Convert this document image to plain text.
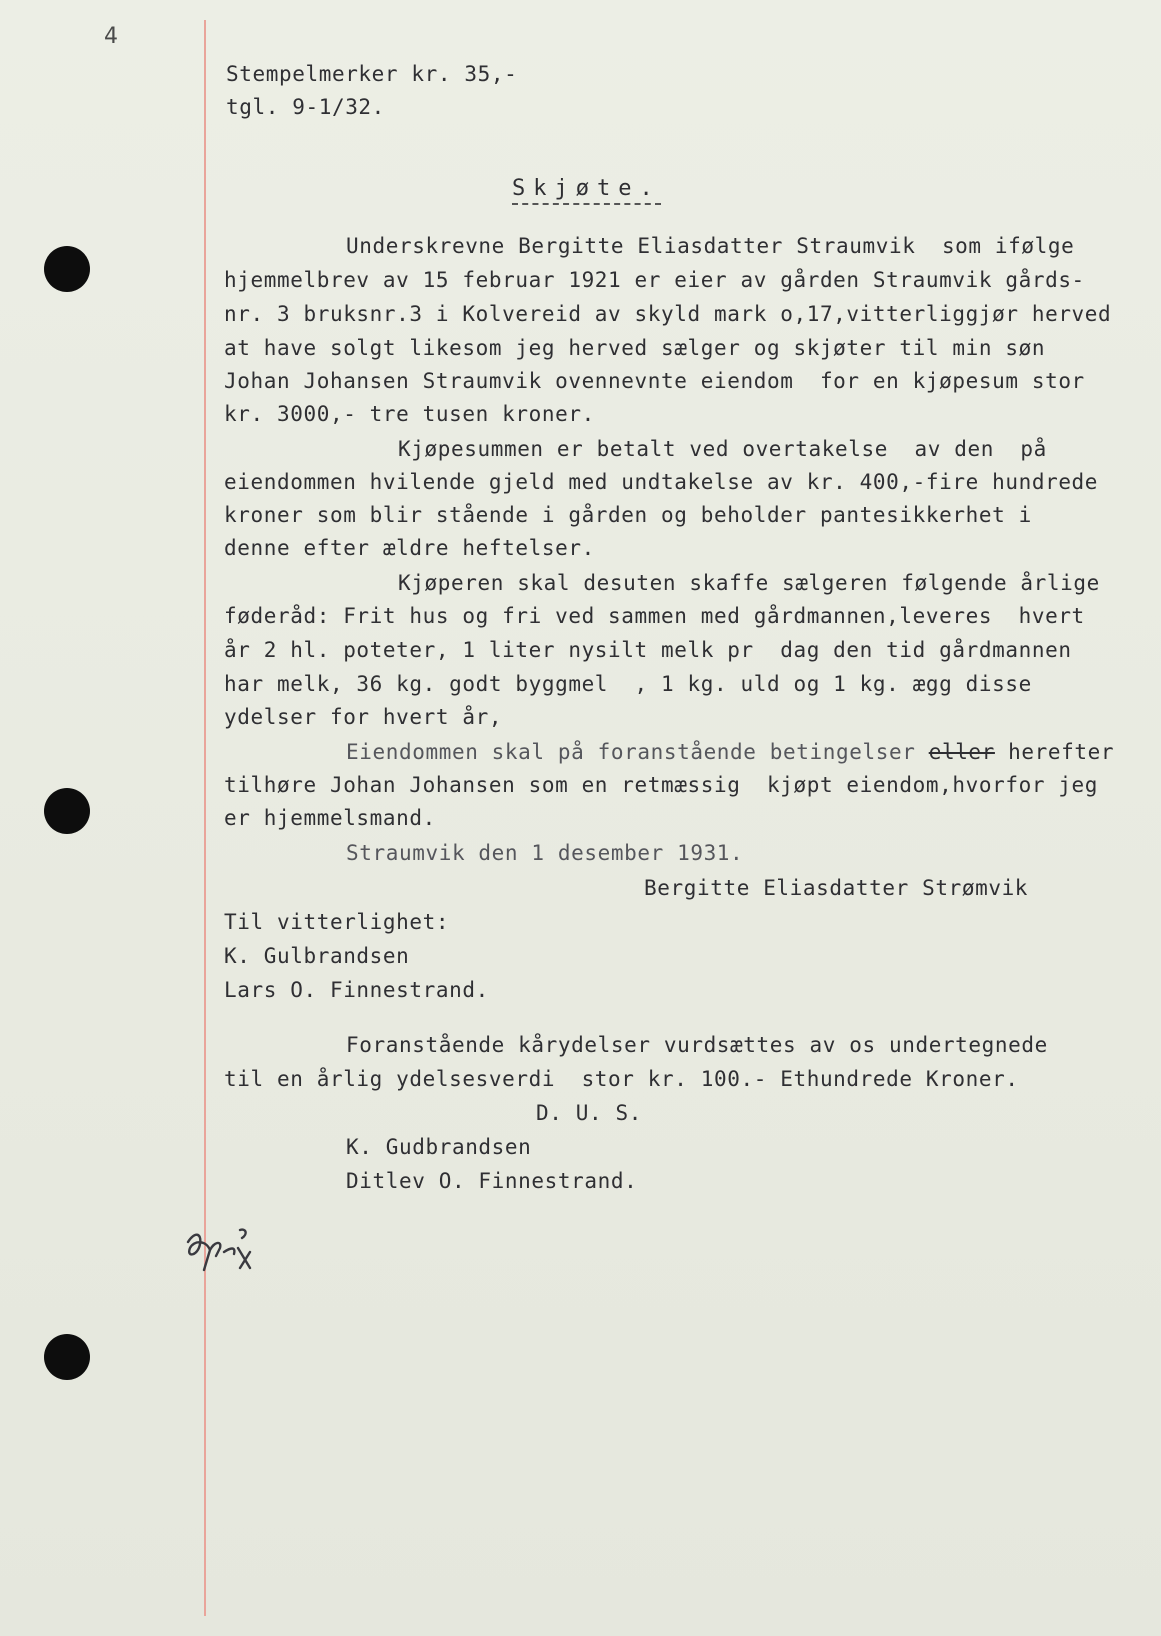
4
Stempelmerker kr. 35,-
tgl. 9-1/32.
Skjøte.
Underskrevne Bergitte Eliasdatter Straumvik  som ifølge
hjemmelbrev av 15 februar 1921 er eier av gården Straumvik gårds-
nr. 3 bruksnr.3 i Kolvereid av skyld mark o,17,vitterliggjør herved
at have solgt likesom jeg herved sælger og skjøter til min søn
Johan Johansen Straumvik ovennevnte eiendom  for en kjøpesum stor
kr. 3000,- tre tusen kroner.
Kjøpesummen er betalt ved overtakelse  av den  på
eiendommen hvilende gjeld med undtakelse av kr. 400,-fire hundrede
kroner som blir stående i gården og beholder pantesikkerhet i
denne efter ældre heftelser.
Kjøperen skal desuten skaffe sælgeren følgende årlige
føderåd: Frit hus og fri ved sammen med gårdmannen,leveres  hvert
år 2 hl. poteter, 1 liter nysilt melk pr  dag den tid gårdmannen
har melk, 36 kg. godt byggmel  , 1 kg. uld og 1 kg. ægg disse
ydelser for hvert år,
Eiendommen skal på foranstående betingelser eller herefter
tilhøre Johan Johansen som en retmæssig  kjøpt eiendom,hvorfor jeg
er hjemmelsmand.
Straumvik den 1 desember 1931.
Bergitte Eliasdatter Strømvik
Til vitterlighet:
K. Gulbrandsen
Lars O. Finnestrand.
Foranstående kårydelser vurdsættes av os undertegnede
til en årlig ydelsesverdi  stor kr. 100.- Ethundrede Kroner.
D. U. S.
K. Gudbrandsen
Ditlev O. Finnestrand.
